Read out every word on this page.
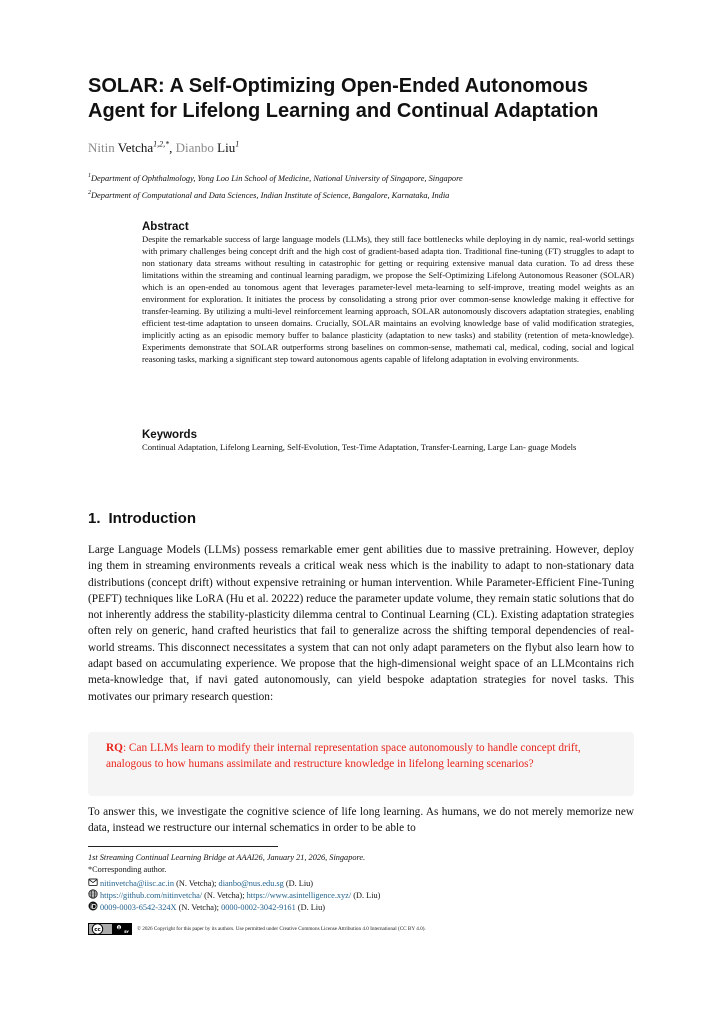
SOLAR: A Self-Optimizing Open-Ended Autonomous Agent for Lifelong Learning and Continual Adaptation
Nitin Vetcha$^{1,2,*}$, Dianbo Liu$^1$
$^1$Department of Ophthalmology, Yong Loo Lin School of Medicine, National University of Singapore, Singapore
$^2$Department of Computational and Data Sciences, Indian Institute of Science, Bangalore, Karnataka, India
Abstract

Despite the remarkable success of large language models (LLMs), they still face bottlenecks while deploying in dy namic, real-world settings with primary challenges being concept drift and the high cost of gradient-based adapta tion. Traditional fine-tuning (FT) struggles to adapt to non stationary data streams without resulting in catastrophic for getting or requiring extensive manual data curation. To ad dress these limitations within the streaming and continual learning paradigm, we propose the Self-Optimizing Lifelong Autonomous Reasoner (SOLAR) which is an open-ended au tonomous agent that leverages parameter-level meta-learning to self-improve, treating model weights as an environment for exploration. It initiates the process by consolidating a strong prior over common-sense knowledge making it effective for transfer-learning. By utilizing a multi-level reinforcement learning approach, SOLAR autonomously discovers adaptation strategies, enabling efficient test-time adaptation to unseen domains. Crucially, SOLAR maintains an evolving knowledge base of valid modification strategies, implicitly acting as an episodic memory buffer to balance plasticity (adaptation to new tasks) and stability (retention of meta-knowledge). Experiments demonstrate that SOLAR outperforms strong baselines on common-sense, mathemati cal, medical, coding, social and logical reasoning tasks, marking a significant step toward autonomous agents capable of lifelong adaptation in evolving environments.

Keywords

Continual Adaptation, Lifelong Learning, Self-Evolution, Test-Time Adaptation, Transfer-Learning, Large Lan- guage Models

1. Introduction

Large Language Models (LLMs) possess remarkable emer gent abilities due to massive pretraining. However, deploy ing them in streaming environments reveals a critical weak ness which is the inability to adapt to non-stationary data distributions (concept drift) without expensive retraining or human intervention. While Parameter-Efficient Fine-Tuning (PEFT) techniques like LoRA (Hu et al. 20222) reduce the parameter update volume, they remain static solutions that do not inherently address the stability-plasticity dilemma central to Continual Learning (CL). Existing adaptation strategies often rely on generic, hand crafted heuristics that fail to generalize across the shifting temporal dependencies of real-world streams. This disconnect necessitates a system that can not only adapt parameters on the flybut also learn how to adapt based on accumulating experience. We propose that the high-dimensional weight space of an LLMcontains rich meta-knowledge that, if navi gated autonomously, can yield bespoke adaptation strategies for novel tasks. This motivates our primary research question:

RQ: Can LLMs learn to modify their internal representation space autonomously to handle concept drift, analogous to how humans assimilate and restructure knowledge in lifelong learning scenarios?

To answer this, we investigate the cognitive science of life long learning. As humans, we do not merely memorize new data, instead we restructure our internal schematics in order to be able to

1st Streaming Continual Learning Bridge at AAAI26, January 21, 2026, Singapore.
*Corresponding author.
nitinvetcha@iisc.ac.in (N. Vetcha); dianbo@nus.edu.sg (D. Liu)
https://github.com/nitinvetcha/ (N. Vetcha); https://www.asintelligence.xyz/ (D. Liu)
0009-0003-6542-324X (N. Vetcha); 0000-0002-3042-9161 (D. Liu)
cc	BY © 2026 Copyright for this paper by its authors. Use permitted under Creative Commons License Attribution 4.0 International (CC BY 4.0).
